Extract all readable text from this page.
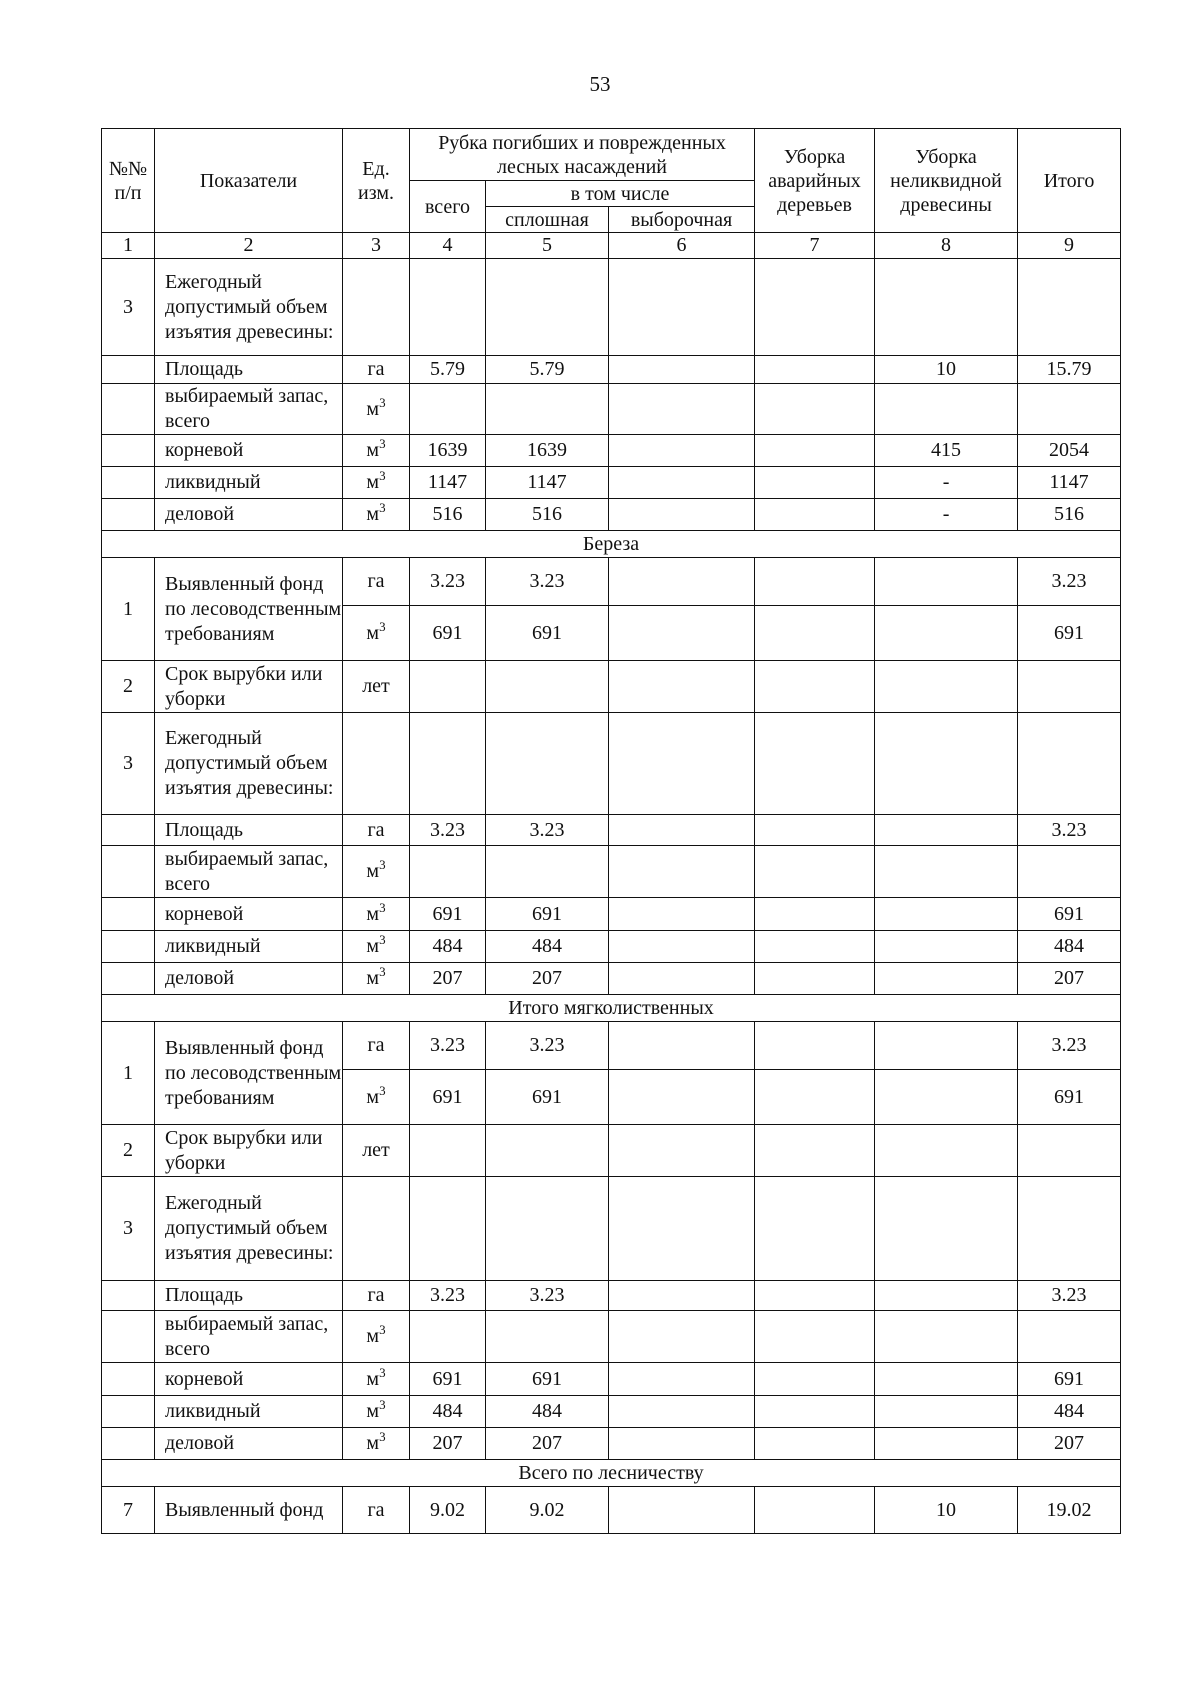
53
№№ п/п	Показатели	Ед. изм.	Рубка погибших и поврежденных лесных насаждений			Уборка аварийных деревьев	Уборка неликвидной древесины	Итого
			всего	в том числе				
				сплошная	выборочная			
1	2	3	4	5	6	7	8	9
3	Ежегодный допустимый объем изъятия древесины:							
	Площадь	га	5.79	5.79			10	15.79
	выбираемый запас, всего	$м^3$						
	корневой	$м^3$	1639	1639			415	2054
	ликвидный	$м^3$	1147	1147			-	1147
	деловой	$м^3$	516	516			-	516
Береза								
1	Выявленный фонд по лесоводственным требованиям	га	3.23	3.23				3.23
		$м^3$	691	691				691
2	Срок вырубки или уборки	лет						
3	Ежегодный допустимый объем изъятия древесины:							
	Площадь	га	3.23	3.23				3.23
	выбираемый запас, всего	$м^3$						
	корневой	$м^3$	691	691				691
	ликвидный	$м^3$	484	484				484
	деловой	$м^3$	207	207				207
Итого мягколиственных								
1	Выявленный фонд по лесоводственным требованиям	га	3.23	3.23				3.23
		$м^3$	691	691				691
2	Срок вырубки или уборки	лет						
3	Ежегодный допустимый объем изъятия древесины:							
	Площадь	га	3.23	3.23				3.23
	выбираемый запас, всего	$м^3$						
	корневой	$м^3$	691	691				691
	ликвидный	$м^3$	484	484				484
	деловой	$м^3$	207	207				207
Всего по лесничеству								
7	Выявленный фонд	га	9.02	9.02			10	19.02
